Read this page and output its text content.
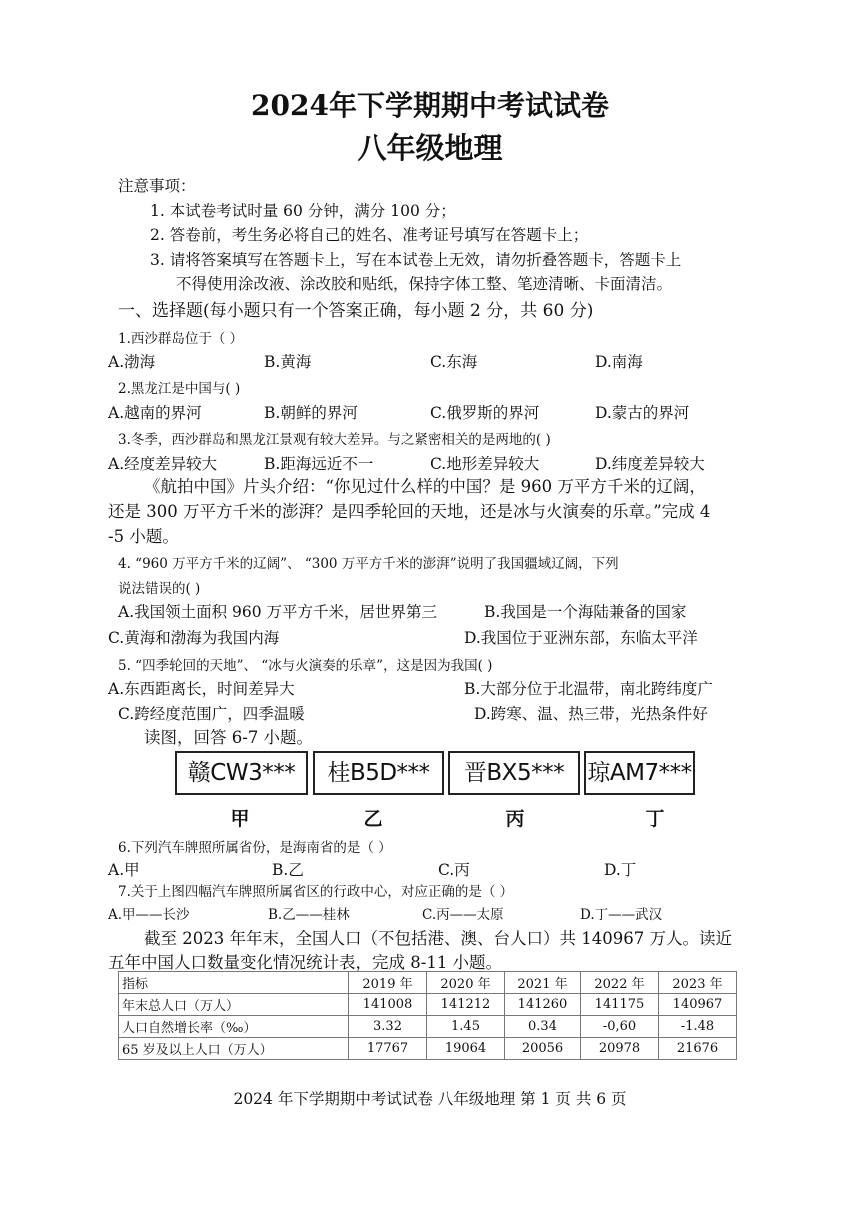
2024年下学期期中考试试卷
八年级地理
注意事项：
1. 本试卷考试时量 60 分钟，满分 100 分；
2. 答卷前，考生务必将自己的姓名、准考证号填写在答题卡上；
3. 请将答案填写在答题卡上，写在本试卷上无效，请勿折叠答题卡，答题卡上
不得使用涂改液、涂改胶和贴纸，保持字体工整、笔迹清晰、卡面清洁。
一、选择题(每小题只有一个答案正确，每小题 2 分，共 60 分)
1.西沙群岛位于（ ）
A.渤海	B.黄海	C.东海	D.南海
2.黑龙江是中国与( )
A.越南的界河	B.朝鲜的界河	C.俄罗斯的界河	D.蒙古的界河
3.冬季，西沙群岛和黑龙江景观有较大差异。与之紧密相关的是两地的( )
A.经度差异较大	B.距海远近不一	C.地形差异较大	D.纬度差异较大
《航拍中国》片头介绍：“你见过什么样的中国？是 960 万平方千米的辽阔，
还是 300 万平方千米的澎湃？是四季轮回的天地，还是冰与火演奏的乐章。”完成 4
-5 小题。
4. “960 万平方千米的辽阔”、 “300 万平方千米的澎湃”说明了我国疆域辽阔，下列
说法错误的( )
A.我国领土面积 960 万平方千米，居世界第三	B.我国是一个海陆兼备的国家
C.黄海和渤海为我国内海	D.我国位于亚洲东部，东临太平洋
5. “四季轮回的天地”、 “冰与火演奏的乐章”，这是因为我国( )
A.东西距离长，时间差异大	B.大部分位于北温带，南北跨纬度广
C.跨经度范围广，四季温暖	D.跨寒、温、热三带，光热条件好
读图，回答 6-7 小题。
赣CW3***	桂B5D***	晋BX5***	琼AM7***
甲	乙	丙	丁
6.下列汽车牌照所属省份，是海南省的是（ ）
A.甲	B.乙	C.丙	D.丁
7.关于上图四幅汽车牌照所属省区的行政中心，对应正确的是（ ）
A.甲——长沙	B.乙——桂林	C.丙——太原	D.丁——武汉
截至 2023 年年末，全国人口（不包括港、澳、台人口）共 140967 万人。读近
五年中国人口数量变化情况统计表，完成 8-11 小题。
指标	2019 年	2020 年	2021 年	2022 年	2023 年
年末总人口（万人）	141008	141212	141260	141175	140967
人口自然增长率（‰）	3.32	1.45	0.34	-0,60	-1.48
65 岁及以上人口（万人）	17767	19064	20056	20978	21676
2024 年下学期期中考试试卷 八年级地理 第 1 页 共 6 页
